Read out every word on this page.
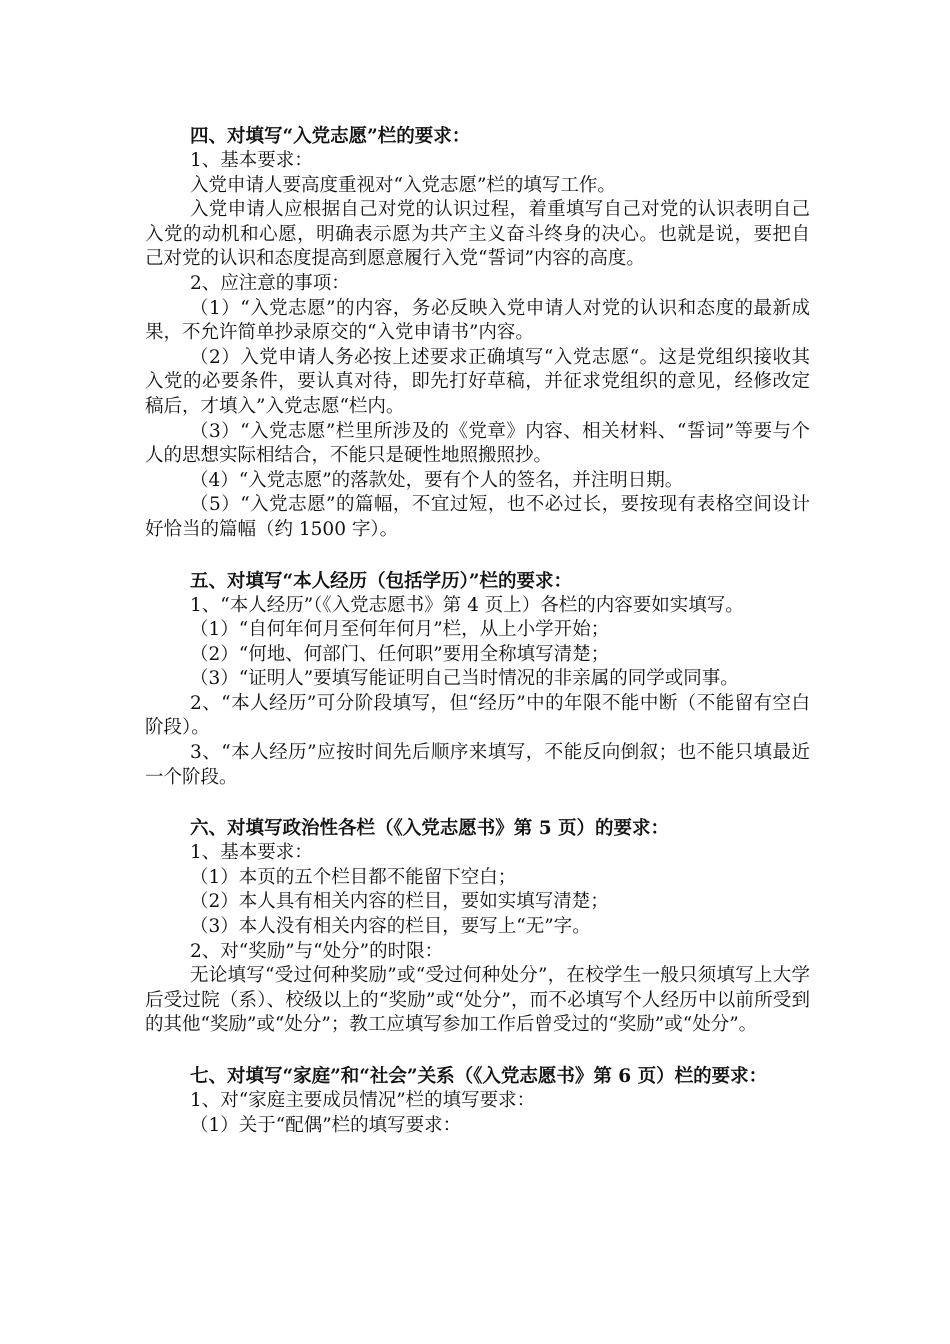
四、对填写“入党志愿”栏的要求：

1、基本要求：

入党申请人要高度重视对“入党志愿”栏的填写工作。

入党申请人应根据自己对党的认识过程，着重填写自己对党的认识表明自己入党的动机和心愿，明确表示愿为共产主义奋斗终身的决心。也就是说，要把自己对党的认识和态度提高到愿意履行入党“誓词”内容的高度。

2、应注意的事项：

（1）“入党志愿”的内容，务必反映入党申请人对党的认识和态度的最新成果，不允许简单抄录原交的“入党申请书”内容。

（2）入党申请人务必按上述要求正确填写“入党志愿“。这是党组织接收其入党的必要条件，要认真对待，即先打好草稿，并征求党组织的意见，经修改定稿后，才填入”入党志愿“栏内。

（3）“入党志愿”栏里所涉及的《党章》内容、相关材料、“誓词”等要与个人的思想实际相结合，不能只是硬性地照搬照抄。

（4）“入党志愿”的落款处，要有个人的签名，并注明日期。

（5）“入党志愿”的篇幅，不宜过短，也不必过长，要按现有表格空间设计好恰当的篇幅（约 1500 字）。

五、对填写“本人经历（包括学历）”栏的要求：

1、“本人经历”（《入党志愿书》第 4 页上）各栏的内容要如实填写。

（1）“自何年何月至何年何月”栏，从上小学开始；

（2）“何地、何部门、任何职”要用全称填写清楚；

（3）“证明人”要填写能证明自己当时情况的非亲属的同学或同事。

2、“本人经历”可分阶段填写，但“经历”中的年限不能中断（不能留有空白阶段）。

3、“本人经历”应按时间先后顺序来填写，不能反向倒叙；也不能只填最近一个阶段。

六、对填写政治性各栏（《入党志愿书》第 5 页）的要求：

1、基本要求：

（1）本页的五个栏目都不能留下空白；

（2）本人具有相关内容的栏目，要如实填写清楚；

（3）本人没有相关内容的栏目，要写上“无”字。

2、对“奖励”与“处分”的时限：

无论填写“受过何种奖励”或“受过何种处分”，在校学生一般只须填写上大学后受过院（系）、校级以上的“奖励”或“处分”，而不必填写个人经历中以前所受到的其他“奖励”或“处分”；教工应填写参加工作后曾受过的“奖励”或“处分”。

七、对填写“家庭”和“社会”关系（《入党志愿书》第 6 页）栏的要求：

1、对“家庭主要成员情况”栏的填写要求：

（1）关于“配偶”栏的填写要求：
